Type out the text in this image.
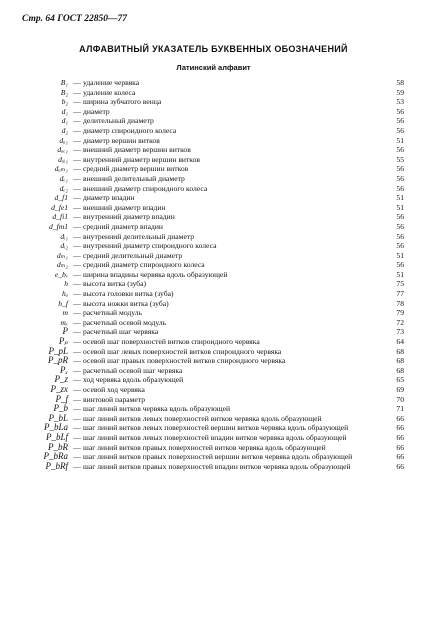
Стр. 64 ГОСТ 22850—77
АЛФАВИТНЫЙ УКАЗАТЕЛЬ БУКВЕННЫХ ОБОЗНАЧЕНИЙ
Латинский алфавит
B₁ — удаление червяка	58
B₂ — удаление колеса	59
b₂ — ширина зубчатого венца	53
d₁ — диаметр	56
d₁ — делительный диаметр	56
d₂ — диаметр спироидного колеса	56
dₐ₁ — диаметр вершин витков	51
dₐₑ₁ — внешний диаметр вершин витков	56
dₐᵢ₁ — внутренний диаметр вершин витков	55
dₐₘ₁ — средний диаметр вершин витков	56
dₑ₁ — внешний делительный диаметр	56
dₑ₂ — внешний диаметр спироидного колеса	56
d_f1 — диаметр впадин	51
d_fe1 — внешний диаметр впадин	51
d_fi1 — внутренний диаметр впадин	56
d_fm1 — средний диаметр впадин	56
dᵢ₁ — внутренний делительный диаметр	56
dᵢ₂ — внутренний диаметр спироидного колеса	56
dₘ₁ — средний делительный диаметр	51
dₘ₂ — средний диаметр спироидного колеса	56
e_bₓ — ширина впадины червяка вдоль образующей	51
h — высота витка (зуба)	75
hₐ — высота головки витка (зуба)	77
h_f — высота ножки витка (зуба)	78
m — расчетный модуль	79
mₓ — расчетный осевой модуль	72
P — расчетный шаг червяка	73
Pₚ — осевой шаг поверхностей витков спироидного червяка	64
P_pL — осевой шаг левых поверхностей витков спироидного червяка	68
P_pR — осевой шаг правых поверхностей витков спироидного червяка	68
Pₓ — расчетный осевой шаг червяка	68
P_z — ход червяка вдоль образующей	65
P_zx — осевой ход червяка	69
P_f — винтовой параметр	70
P_b — шаг линий витков червяка вдоль образующей	71
P_bL — шаг линий витков левых поверхностей витков червяка вдоль образующей	66
P_bLa — шаг линий витков левых поверхностей вершин витков червяка вдоль образующей	66
P_bLf — шаг линий витков левых поверхностей впадин витков червяка вдоль образующей	66
P_bR — шаг линий витков правых поверхностей витков червяка вдоль образующей	66
P_bRa — шаг линий витков правых поверхностей вершин витков червяка вдоль образующей	66
P_bRf — шаг линий витков правых поверхностей впадин витков червяка вдоль образующей	66
